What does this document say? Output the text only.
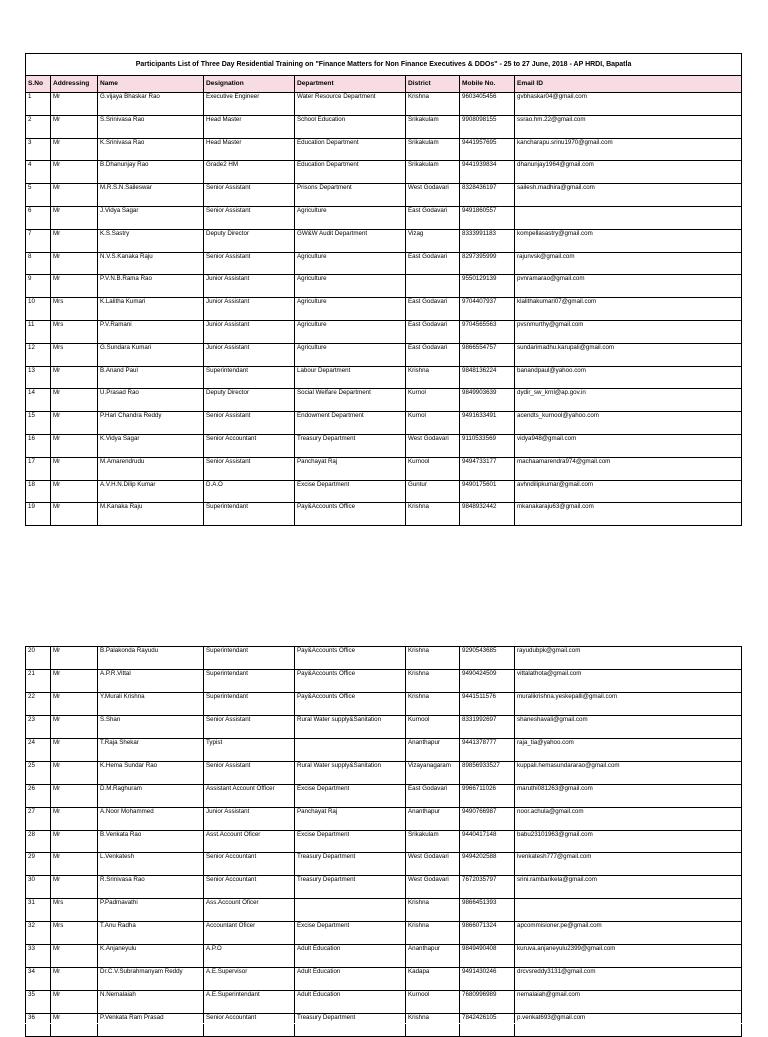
Participants List of Three Day Residential Training on "Finance Matters for Non Finance Executives & DDOs" - 25 to 27 June, 2018 - AP HRDI, Bapatla							
S.No	Addressing	Name	Designation	Department	District	Mobile No.	Email ID
1	Mr	G.vijaya Bhaskar Rao	Executive Engineer	Water Resource Department	Krishna	9603405456	gvbhaskar04@gmail.com
2	Mr	S.Srinivasa Rao	Head Master	School Education	Srikakulam	9908098155	ssrao.hm.22@gmail.com
3	Mr	K.Srinivasa Rao	Head Master	Education Department	Srikakulam	9441957695	kancharapu.srinu1970@gmail.com
4	Mr	B.Dhanunjay Rao	Grade2 HM	Education Department	Srikakulam	9441939834	dhanunjay1964@gmail.com
5	Mr	M.R.S.N.Saileswar	Senior Assistant	Prisons Department	West Godavari	8328436197	sailesh.madhira@gmail.com
6	Mr	J.Vidya Sagar	Senior Assistant	Agriculture	East Godavari	9491860557	
7	Mr	K.S.Sastry	Deputy Director	GW&W Audit Department	Vizag	8333991183	kompellasastry@gmail.com
8	Mr	N.V.S.Kanaka Raju	Senior Assistant	Agriculture	East Godavari	8297395999	rajunvsk@gmail.com
9	Mr	P.V.N.B.Rama Rao	Junior Assistant	Agriculture		9550129139	pvnramarao@gmail.com
10	Mrs	K.Lalitha Kumari	Junior Assistant	Agriculture	East Godavari	9704407937	klalithakumari07@gmail.com
11	Mrs	P.V.Ramani	Junior Assistant	Agriculture	East Godavari	9704565563	pvsnmurthy@gmail.com
12	Mrs	G.Sundara Kumari	Junior Assistant	Agriculture	East Godavari	9866554757	sundarimadhu.karupali@gmail.com
13	Mr	B.Anand Paul	Superintendant	Labour Department	Krishna	9848136224	banandpaul@yahoo.com
14	Mr	U.Prasad Rao	Deputy Director	Social Welfare Department	Kurnol	9849903639	dydir_sw_krnl@ap.gov.in
15	Mr	P.Hari Chandra Reddy	Senior Assistant	Endowment Department	Kurnol	9491633491	acendts_kurnool@yahoo.com
16	Mr	K.Vidya Sagar	Senior Accountant	Treasury Department	West Godavari	9110533569	vidya948@gmail.com
17	Mr	M.Amarendrudu	Senior Assistant	Panchayat Raj	Kurnool	9494733177	machaamarendra974@gmail.com
18	Mr	A.V.H.N.Dilip Kumar	D.A.O	Excise Department	Guntur	9490175601	avhndilipkumar@gmail.com
19	Mr	M.Kanaka Raju	Superintendant	Pay&Accounts Office	Krishna	9848932442	mkanakaraju63@gmail.com
20	Mr	B.Palakonda Rayudu	Superintendant	Pay&Accounts Office	Krishna	9290543685	rayudubpk@gmail.com
21	Mr	A.P.R.Vittal	Superintendant	Pay&Accounts Office	Krishna	9490424509	vittalathota@gmail.com
22	Mr	Y.Murali Krishna	Superintendant	Pay&Accounts Office	Krishna	9441511576	muralikrishna.yeskepalli@gmail.com
23	Mr	S.Shan	Senior Assistant	Rural Water supply&Sanitation	Kurnool	8331992697	shaneshavali@gmail.com
24	Mr	T.Raja Shekar	Typist		Ananthapur	9441378777	raja_tia@yahoo.com
25	Mr	K.Hema Sundar Rao	Senior Assistant	Rural Water supply&Sanitation	Vizayanagaram	89856933527	kuppali.hemasundararao@gmail.com
26	Mr	D.M.Raghuram	Assistant Account Officer	Excise Department	East Godavari	9966711026	maruthi081263@gmail.com
27	Mr	A.Noor Mohammed	Junior Assistant	Panchayat Raj	Ananthapur	9490766987	noor.achula@gmail.com
28	Mr	B.Venkata Rao	Asst.Account Oficer	Excise Department	Srikakulam	9440417148	babu23101963@gmail.com
29	Mr	L.Venkatesh	Senior Accountant	Treasury Department	West Godavari	9494202588	lvenkatesh777@gmail.com
30	Mr	R.Srinivasa Rao	Senior Accountant	Treasury Department	West Godavari	7672035797	srini.rambarikela@gmail.com
31	Mrs	P.Padmavathi	Ass.Account Oficer		Krishna	9866451393	
32	Mrs	T.Anu Radha	Accountant Oficer	Excise Department	Krishna	9866071324	apcommisioner.pe@gmail.com
33	Mr	K.Anjaneyulu	A.P.O	Adult Education	Ananthapur	9849490408	kuruva.anjaneyulu2399@gmail.com
34	Mr	Dr.C.V.Subrahmanyam Reddy	A.E.Supervisor	Adult Education	Kadapa	9491430246	drcvsreddy3131@gmail.com
35	Mr	N.Nemalaiah	A.E.Superintendant	Adult Education	Kurnool	7680996989	nemalaiah@gmail.com
36	Mr	P.Venkata Ram Prasad	Senior Accountant	Treasury Department	Krishna	7842426105	p.venkat693@gmail.com
